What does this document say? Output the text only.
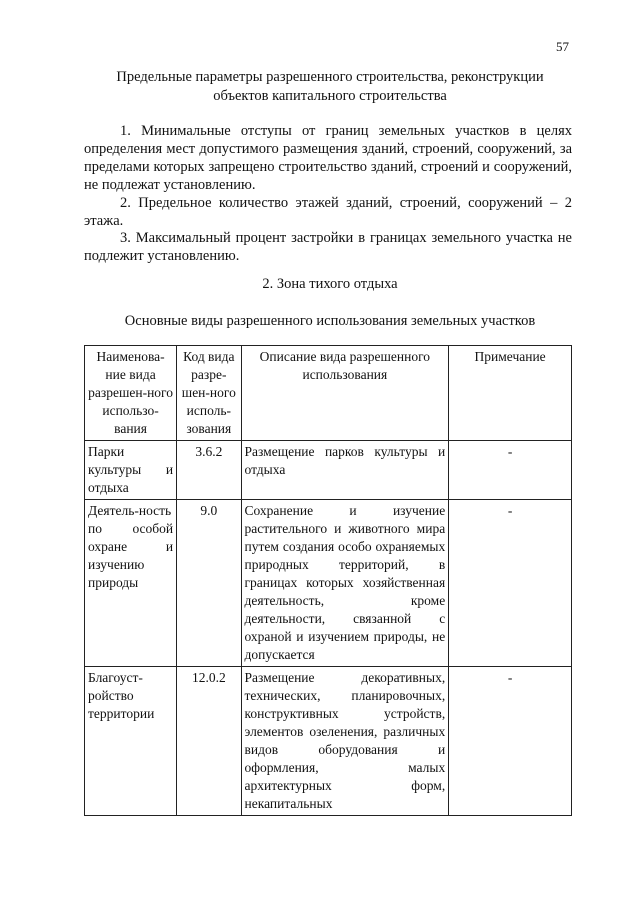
57
Предельные параметры разрешенного строительства, реконструкции
объектов капитального строительства

1. Минимальные отступы от границ земельных участков в целях определения мест допустимого размещения зданий, строений, сооружений, за пределами которых запрещено строительство зданий, строений и сооружений, не подлежат установлению.

2. Предельное количество этажей зданий, строений, сооружений – 2 этажа.

3. Максимальный процент застройки в границах земельного участка не подлежит установлению.

2. Зона тихого отдыха
Основные виды разрешенного использования земельных участков
Наименова-ние вида разрешен-ного использо-вания	Код вида разре-шен-ного исполь-зования	Описание вида разрешенного использования	Примечание
Парки культуры и отдыха	3.6.2	Размещение парков культуры и отдыха	-
Деятель-ность по особой охране и изучению природы	9.0	Сохранение и изучение растительного и животного мира путем создания особо охраняемых природных территорий, в границах которых хозяйственная деятельность, кроме деятельности, связанной с охраной и изучением природы, не допускается	-
Благоуст-ройство территории	12.0.2	Размещение декоративных, технических, планировочных, конструктивных устройств, элементов озеленения, различных видов оборудования и оформления, малых архитектурных форм, некапитальных	-
